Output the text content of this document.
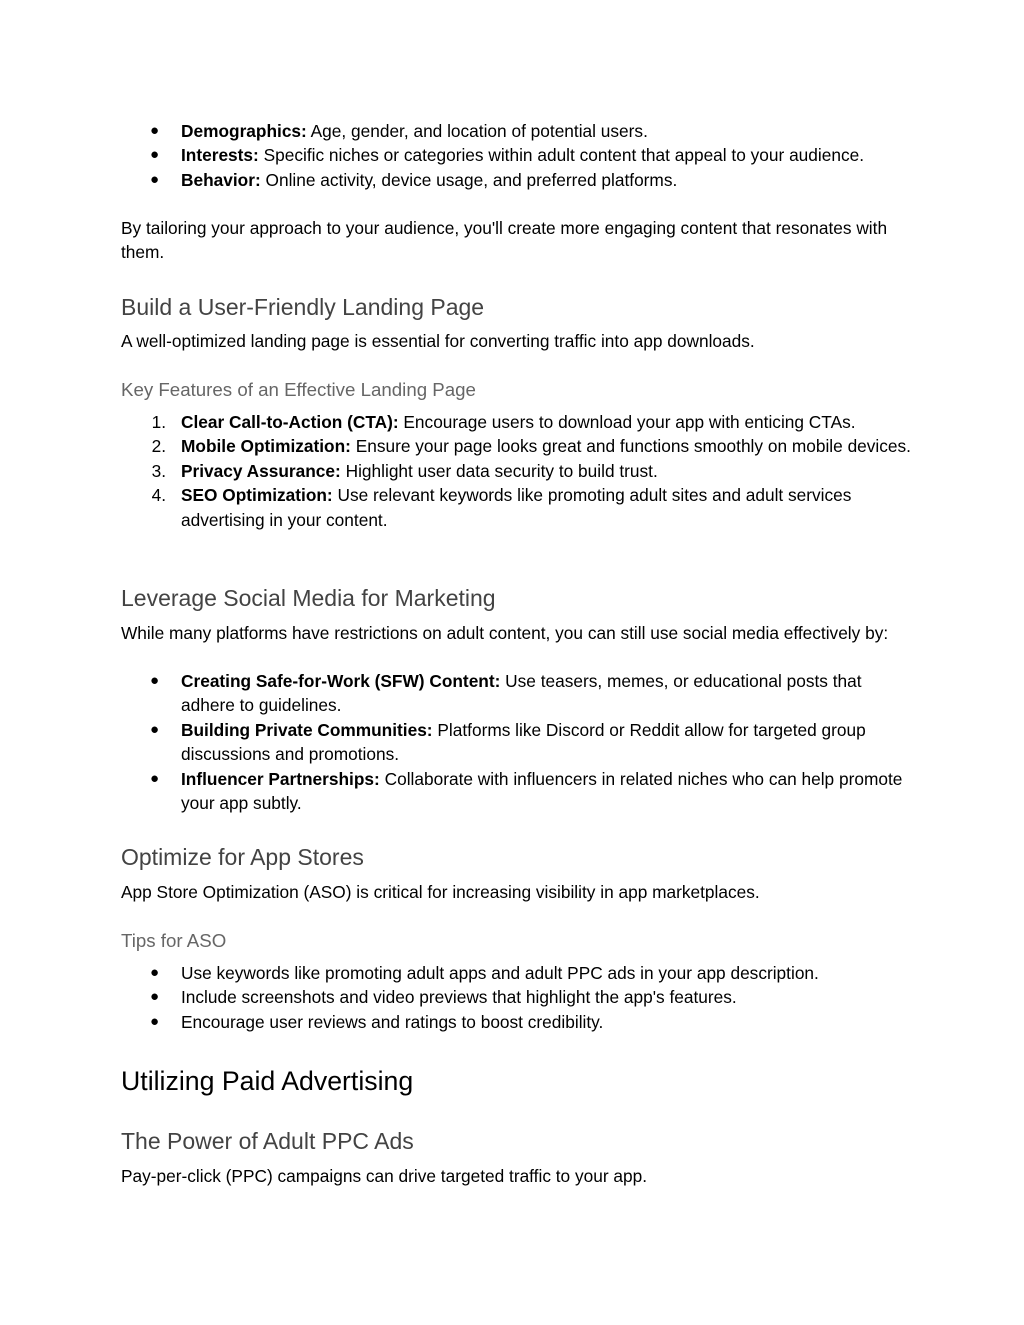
● Demographics: Age, gender, and location of potential users.
● Interests: Specific niches or categories within adult content that appeal to your audience.
● Behavior: Online activity, device usage, and preferred platforms.

By tailoring your approach to your audience, you'll create more engaging content that resonates with them.

Build a User-Friendly Landing Page

A well-optimized landing page is essential for converting traffic into app downloads.

Key Features of an Effective Landing Page
1. Clear Call-to-Action (CTA): Encourage users to download your app with enticing CTAs.
2. Mobile Optimization: Ensure your page looks great and functions smoothly on mobile devices.
3. Privacy Assurance: Highlight user data security to build trust.
4. SEO Optimization: Use relevant keywords like promoting adult sites and adult services advertising in your content.
Leverage Social Media for Marketing

While many platforms have restrictions on adult content, you can still use social media effectively by:

● Creating Safe-for-Work (SFW) Content: Use teasers, memes, or educational posts that adhere to guidelines.
● Building Private Communities: Platforms like Discord or Reddit allow for targeted group discussions and promotions.
● Influencer Partnerships: Collaborate with influencers in related niches who can help promote your app subtly.
Optimize for App Stores

App Store Optimization (ASO) is critical for increasing visibility in app marketplaces.

Tips for ASO
● Use keywords like promoting adult apps and adult PPC ads in your app description.
● Include screenshots and video previews that highlight the app's features.
● Encourage user reviews and ratings to boost credibility.
Utilizing Paid Advertising
The Power of Adult PPC Ads

Pay-per-click (PPC) campaigns can drive targeted traffic to your app.
